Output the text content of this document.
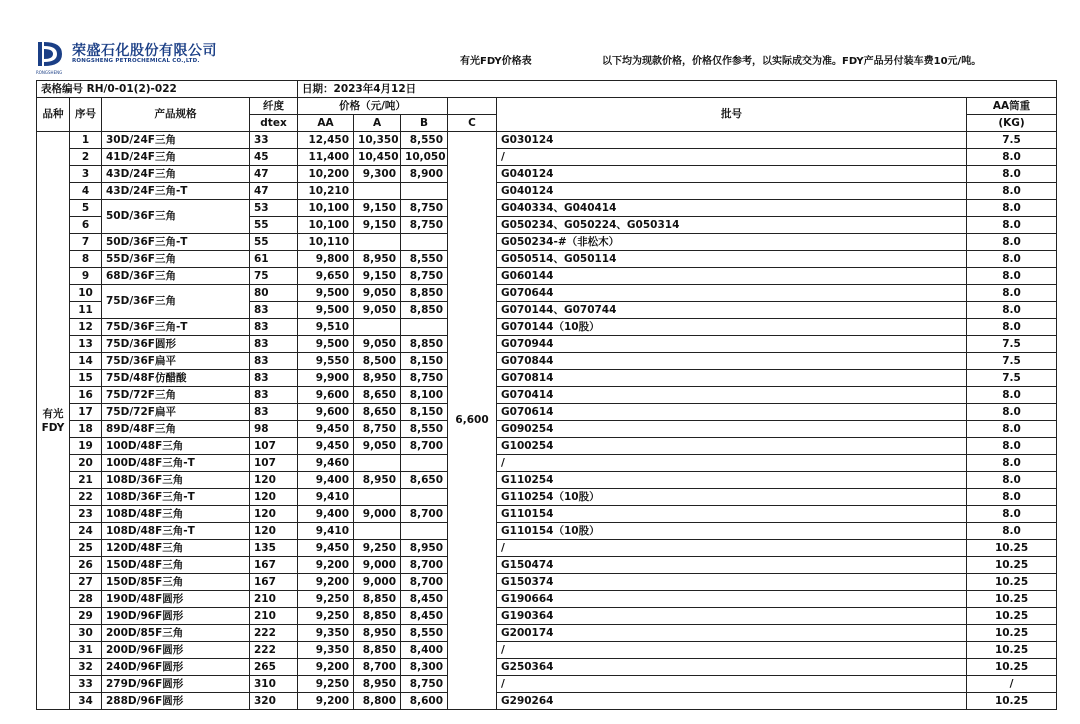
荣盛石化股份有限公司
RONGSHENG PETROCHEMICAL CO.,LTD.
RONGSHENG
有光FDY价格表	以下均为现款价格，价格仅作参考，以实际成交为准。FDY产品另付装车费10元/吨。
表格编号 RH/0-01(2)-022				日期：2023年4月12日					
品种	序号	产品规格	纤度	价格（元/吨）				批号	AA筒重
			dtex	AA	A	B	C		(KG)

有光
FDY	1	30D/24F三角	33	12,450	10,350	8,550	6,600	G030124	7.5
	2	41D/24F三角	45	11,400	10,450	10,050		/	8.0
	3	43D/24F三角	47	10,200	9,300	8,900		G040124	8.0
	4	43D/24F三角-T	47	10,210				G040124	8.0
	5	50D/36F三角	53	10,100	9,150	8,750		G040334、G040414	8.0
	6		55	10,100	9,150	8,750		G050234、G050224、G050314	8.0
	7	50D/36F三角-T	55	10,110				G050234-#（非松木）	8.0
	8	55D/36F三角	61	9,800	8,950	8,550		G050514、G050114	8.0
	9	68D/36F三角	75	9,650	9,150	8,750		G060144	8.0
	10	75D/36F三角	80	9,500	9,050	8,850		G070644	8.0
	11		83	9,500	9,050	8,850		G070144、G070744	8.0
	12	75D/36F三角-T	83	9,510				G070144（10股）	8.0
	13	75D/36F圆形	83	9,500	9,050	8,850		G070944	7.5
	14	75D/36F扁平	83	9,550	8,500	8,150		G070844	7.5
	15	75D/48F仿醋酸	83	9,900	8,950	8,750		G070814	7.5
	16	75D/72F三角	83	9,600	8,650	8,100		G070414	8.0
	17	75D/72F扁平	83	9,600	8,650	8,150		G070614	8.0
	18	89D/48F三角	98	9,450	8,750	8,550		G090254	8.0
	19	100D/48F三角	107	9,450	9,050	8,700		G100254	8.0
	20	100D/48F三角-T	107	9,460				/	8.0
	21	108D/36F三角	120	9,400	8,950	8,650		G110254	8.0
	22	108D/36F三角-T	120	9,410				G110254（10股）	8.0
	23	108D/48F三角	120	9,400	9,000	8,700		G110154	8.0
	24	108D/48F三角-T	120	9,410				G110154（10股）	8.0
	25	120D/48F三角	135	9,450	9,250	8,950		/	10.25
	26	150D/48F三角	167	9,200	9,000	8,700		G150474	10.25
	27	150D/85F三角	167	9,200	9,000	8,700		G150374	10.25
	28	190D/48F圆形	210	9,250	8,850	8,450		G190664	10.25
	29	190D/96F圆形	210	9,250	8,850	8,450		G190364	10.25
	30	200D/85F三角	222	9,350	8,950	8,550		G200174	10.25
	31	200D/96F圆形	222	9,350	8,850	8,400		/	10.25
	32	240D/96F圆形	265	9,200	8,700	8,300		G250364	10.25
	33	279D/96F圆形	310	9,250	8,950	8,750		/	/
	34	288D/96F圆形	320	9,200	8,800	8,600		G290264	10.25
